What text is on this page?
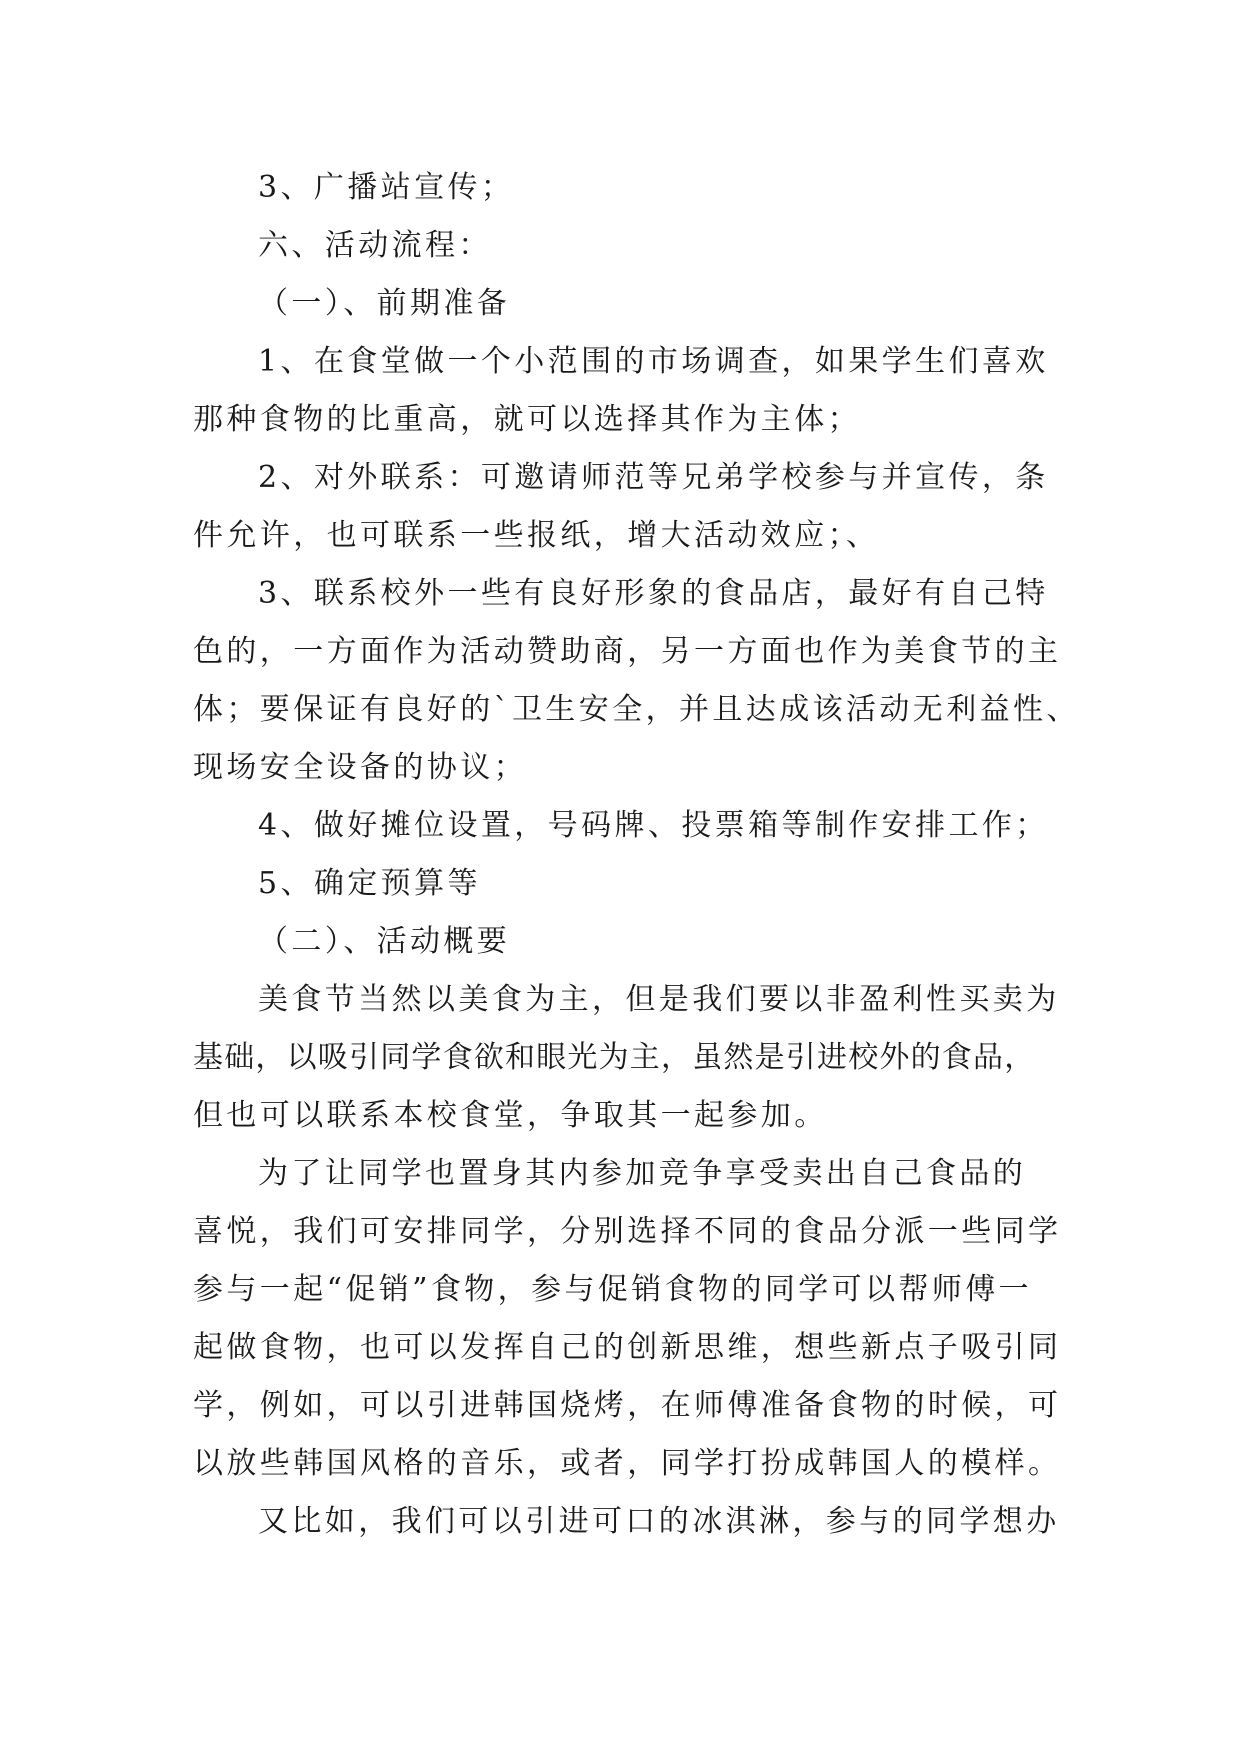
3、广播站宣传；
六、活动流程：
（一）、前期准备
1、在食堂做一个小范围的市场调查，如果学生们喜欢
那种食物的比重高，就可以选择其作为主体；
2、对外联系：可邀请师范等兄弟学校参与并宣传，条
件允许，也可联系一些报纸，增大活动效应；、
3、联系校外一些有良好形象的食品店，最好有自己特
色的，一方面作为活动赞助商，另一方面也作为美食节的主
体；要保证有良好的`卫生安全，并且达成该活动无利益性、
现场安全设备的协议；
4、做好摊位设置，号码牌、投票箱等制作安排工作；
5、确定预算等
（二）、活动概要
美食节当然以美食为主，但是我们要以非盈利性买卖为
基础，以吸引同学食欲和眼光为主，虽然是引进校外的食品，
但也可以联系本校食堂，争取其一起参加。
为了让同学也置身其内参加竞争享受卖出自己食品的
喜悦，我们可安排同学，分别选择不同的食品分派一些同学
参与一起“促销”食物，参与促销食物的同学可以帮师傅一
起做食物，也可以发挥自己的创新思维，想些新点子吸引同
学，例如，可以引进韩国烧烤，在师傅准备食物的时候，可
以放些韩国风格的音乐，或者，同学打扮成韩国人的模样。
又比如，我们可以引进可口的冰淇淋，参与的同学想办
